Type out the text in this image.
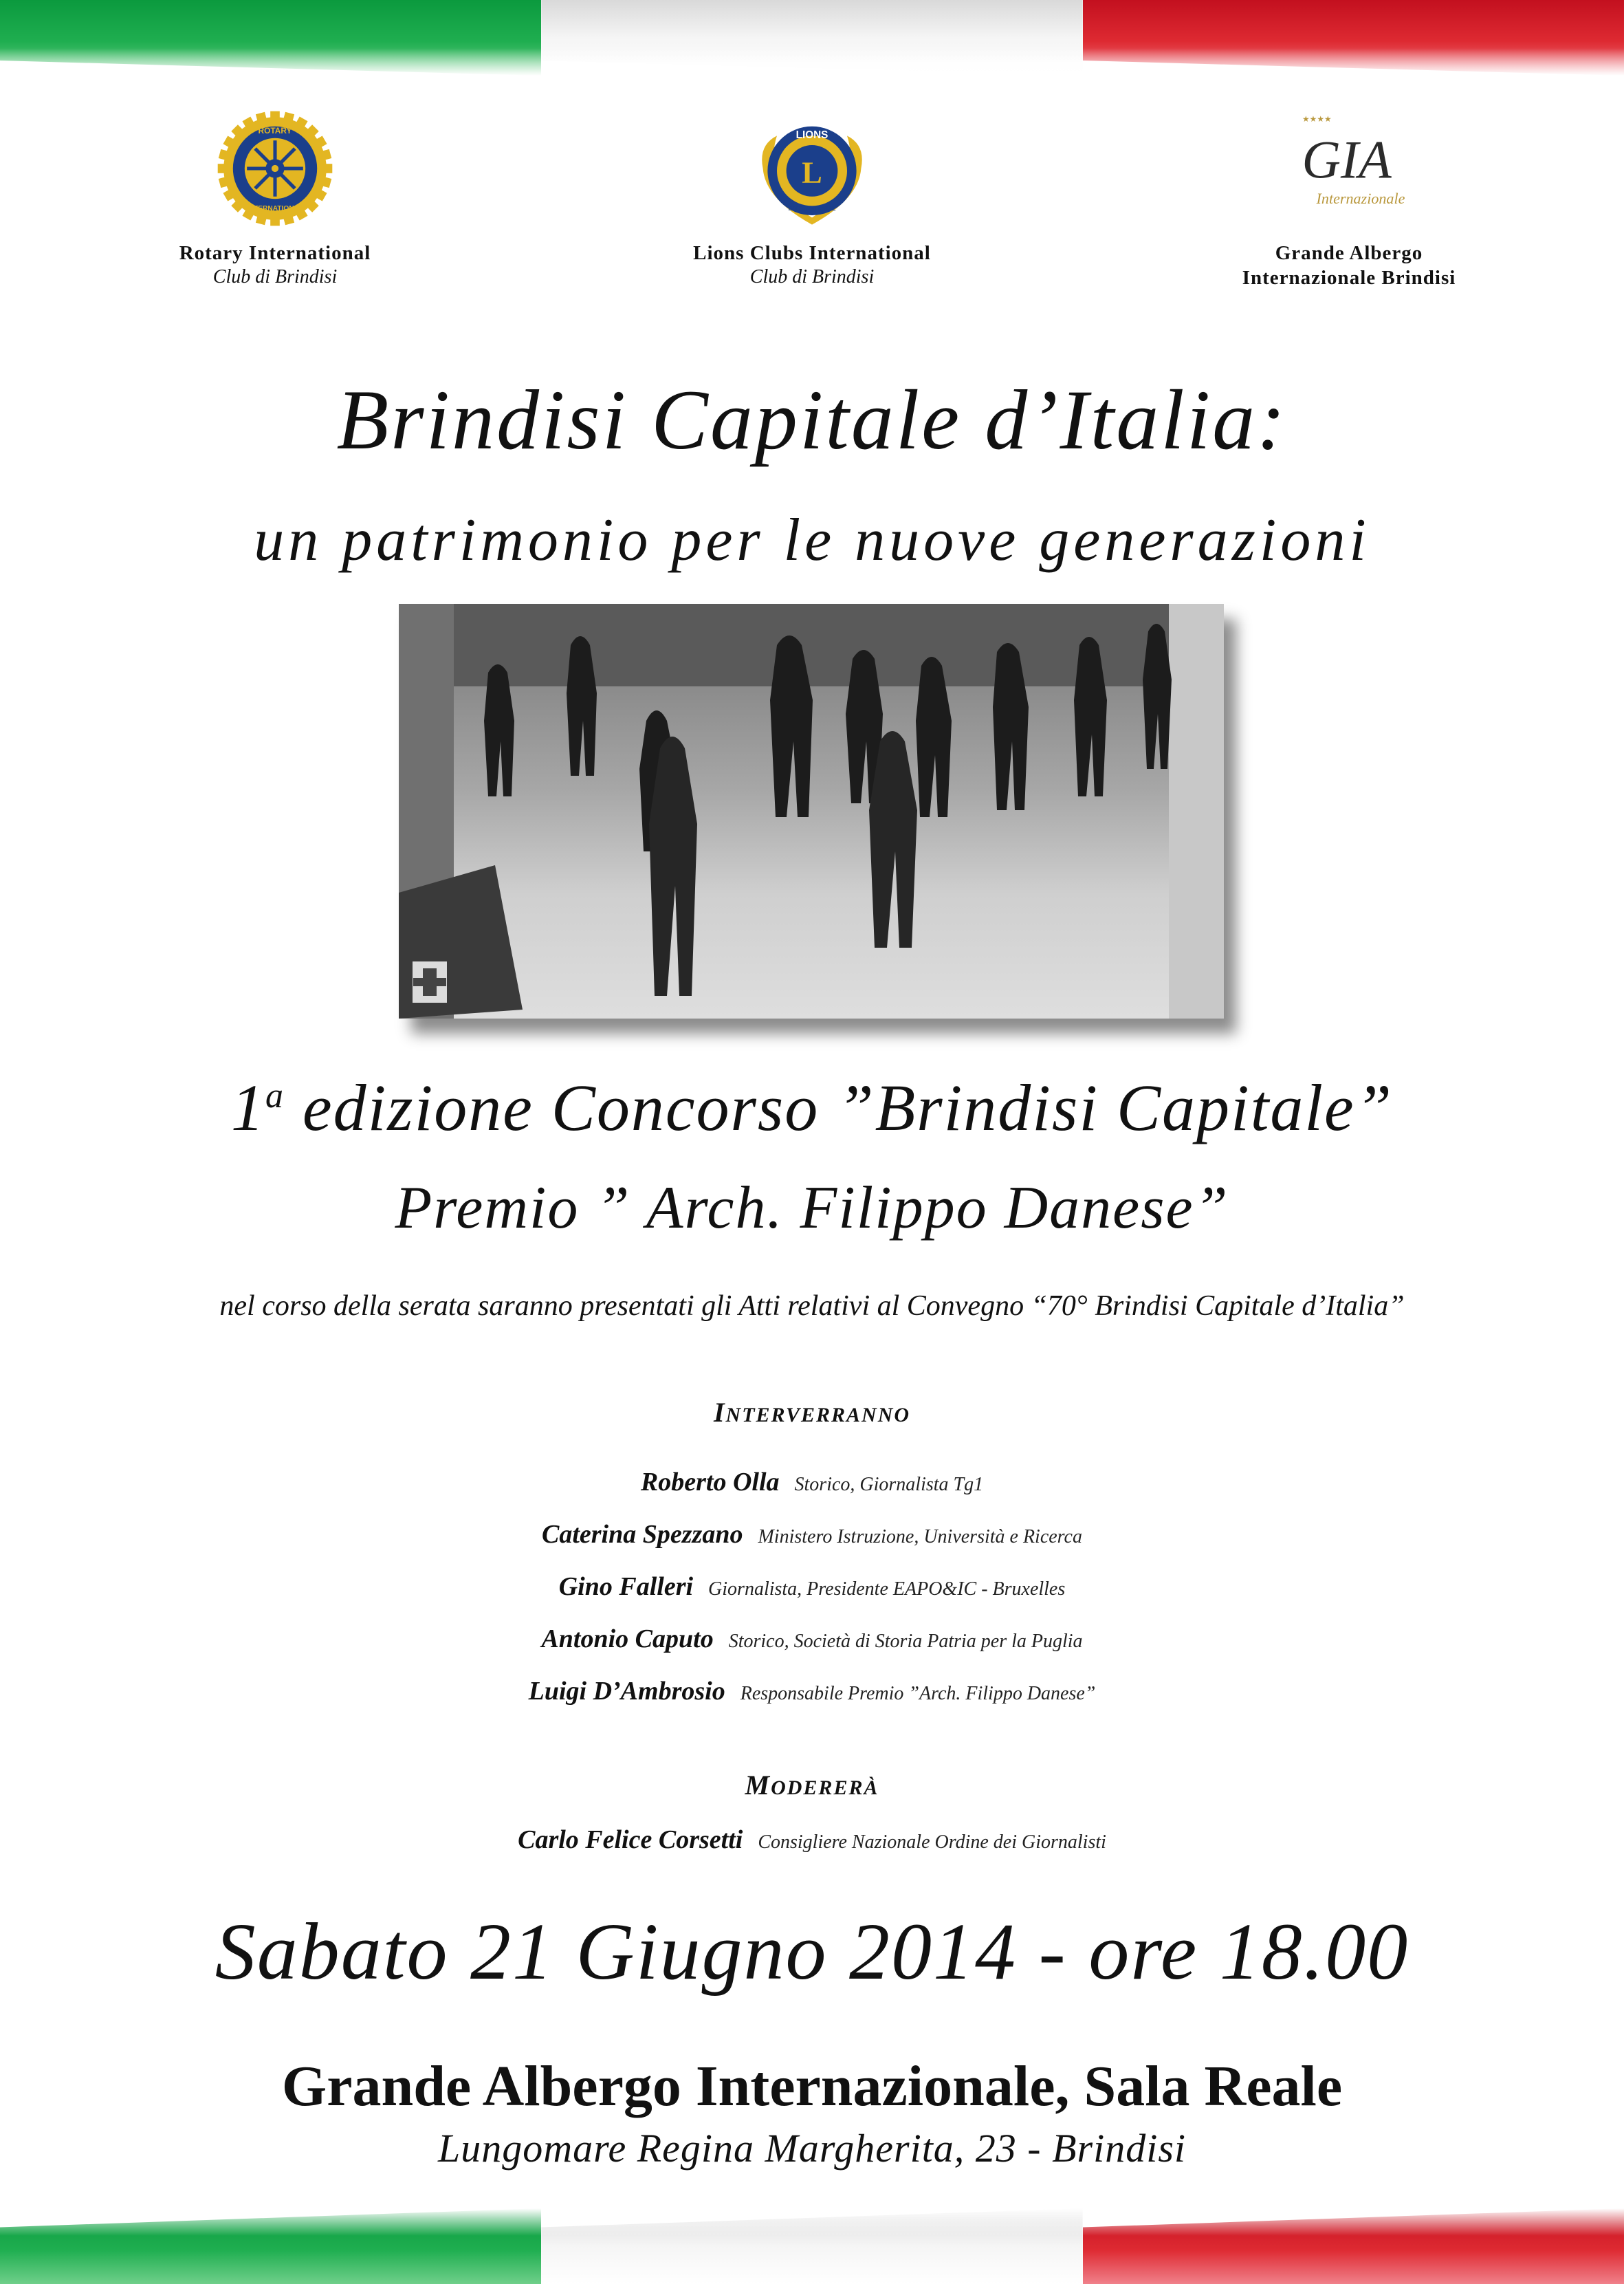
ROTARY
INTERNATIONAL
Rotary International
Club di Brindisi
L
LIONS
INTERNATIONAL
Lions Clubs International
Club di Brindisi
★★★★
GIA
Internazionale
Grande Albergo
Internazionale Brindisi
Brindisi Capitale d’Italia:
un patrimonio per le nuove generazioni
1$^a$ edizione Concorso ”Brindisi Capitale”
Premio ” Arch. Filippo Danese”
nel corso della serata saranno presentati gli Atti relativi al Convegno “70° Brindisi Capitale d’Italia”
INTERVERRANNO
Roberto Olla Storico, Giornalista Tg1
Caterina Spezzano Ministero Istruzione, Università e Ricerca
Gino Falleri Giornalista, Presidente EAPO&IC - Bruxelles
Antonio Caputo Storico, Società di Storia Patria per la Puglia
Luigi D’Ambrosio Responsabile Premio ”Arch. Filippo Danese”
MODERERÀ
Carlo Felice Corsetti Consigliere Nazionale Ordine dei Giornalisti
Sabato 21 Giugno 2014 - ore 18.00
Grande Albergo Internazionale, Sala Reale
Lungomare Regina Margherita, 23 - Brindisi
